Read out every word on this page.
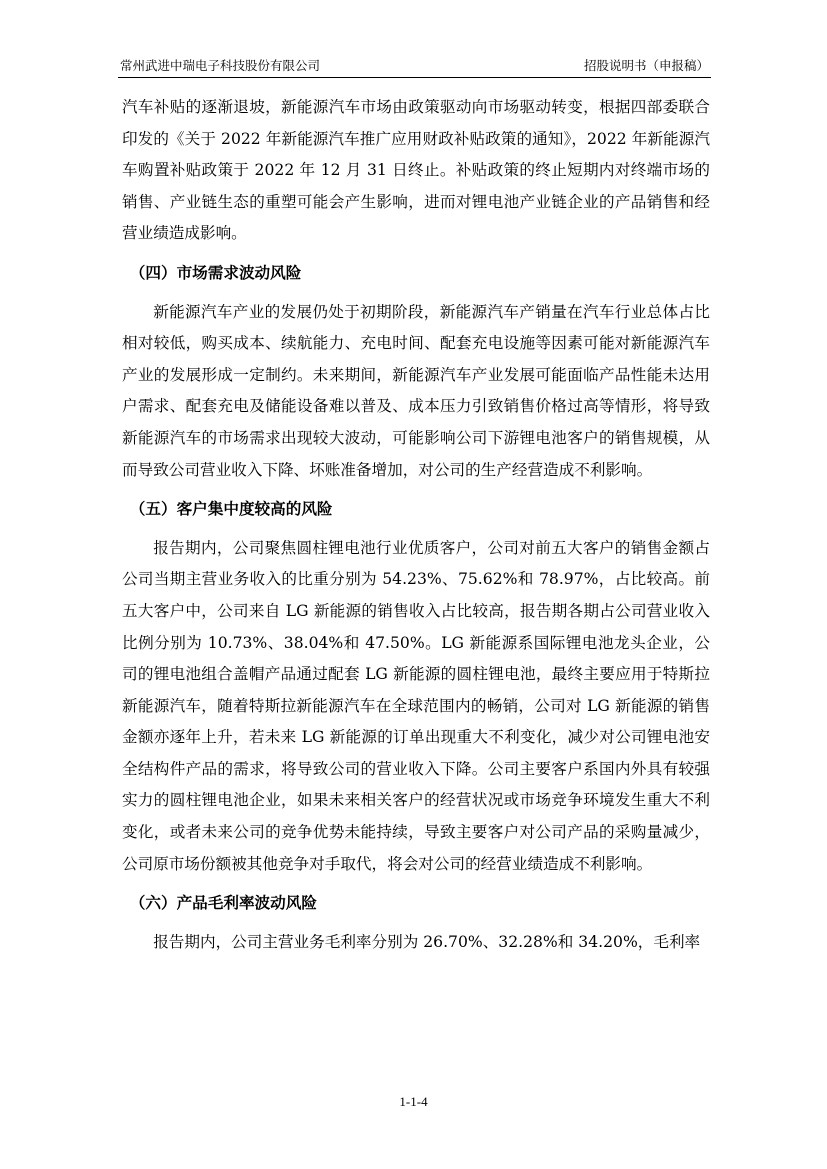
常州武进中瑞电子科技股份有限公司	招股说明书（申报稿）

汽车补贴的逐渐退坡，新能源汽车市场由政策驱动向市场驱动转变，根据四部委联合印发的《关于 2022 年新能源汽车推广应用财政补贴政策的通知》，2022 年新能源汽车购置补贴政策于 2022 年 12 月 31 日终止。补贴政策的终止短期内对终端市场的销售、产业链生态的重塑可能会产生影响，进而对锂电池产业链企业的产品销售和经营业绩造成影响。

（四）市场需求波动风险

新能源汽车产业的发展仍处于初期阶段，新能源汽车产销量在汽车行业总体占比相对较低，购买成本、续航能力、充电时间、配套充电设施等因素可能对新能源汽车产业的发展形成一定制约。未来期间，新能源汽车产业发展可能面临产品性能未达用户需求、配套充电及储能设备难以普及、成本压力引致销售价格过高等情形，将导致新能源汽车的市场需求出现较大波动，可能影响公司下游锂电池客户的销售规模，从而导致公司营业收入下降、坏账准备增加，对公司的生产经营造成不利影响。

（五）客户集中度较高的风险

报告期内，公司聚焦圆柱锂电池行业优质客户，公司对前五大客户的销售金额占公司当期主营业务收入的比重分别为 54.23%、75.62%和 78.97%，占比较高。前五大客户中，公司来自 LG 新能源的销售收入占比较高，报告期各期占公司营业收入比例分别为 10.73%、38.04%和 47.50%。LG 新能源系国际锂电池龙头企业，公司的锂电池组合盖帽产品通过配套 LG 新能源的圆柱锂电池，最终主要应用于特斯拉新能源汽车，随着特斯拉新能源汽车在全球范围内的畅销，公司对 LG 新能源的销售金额亦逐年上升，若未来 LG 新能源的订单出现重大不利变化，减少对公司锂电池安全结构件产品的需求，将导致公司的营业收入下降。公司主要客户系国内外具有较强实力的圆柱锂电池企业，如果未来相关客户的经营状况或市场竞争环境发生重大不利变化，或者未来公司的竞争优势未能持续，导致主要客户对公司产品的采购量减少，公司原市场份额被其他竞争对手取代，将会对公司的经营业绩造成不利影响。

（六）产品毛利率波动风险

报告期内，公司主营业务毛利率分别为 26.70%、32.28%和 34.20%，毛利率

1-1-4
